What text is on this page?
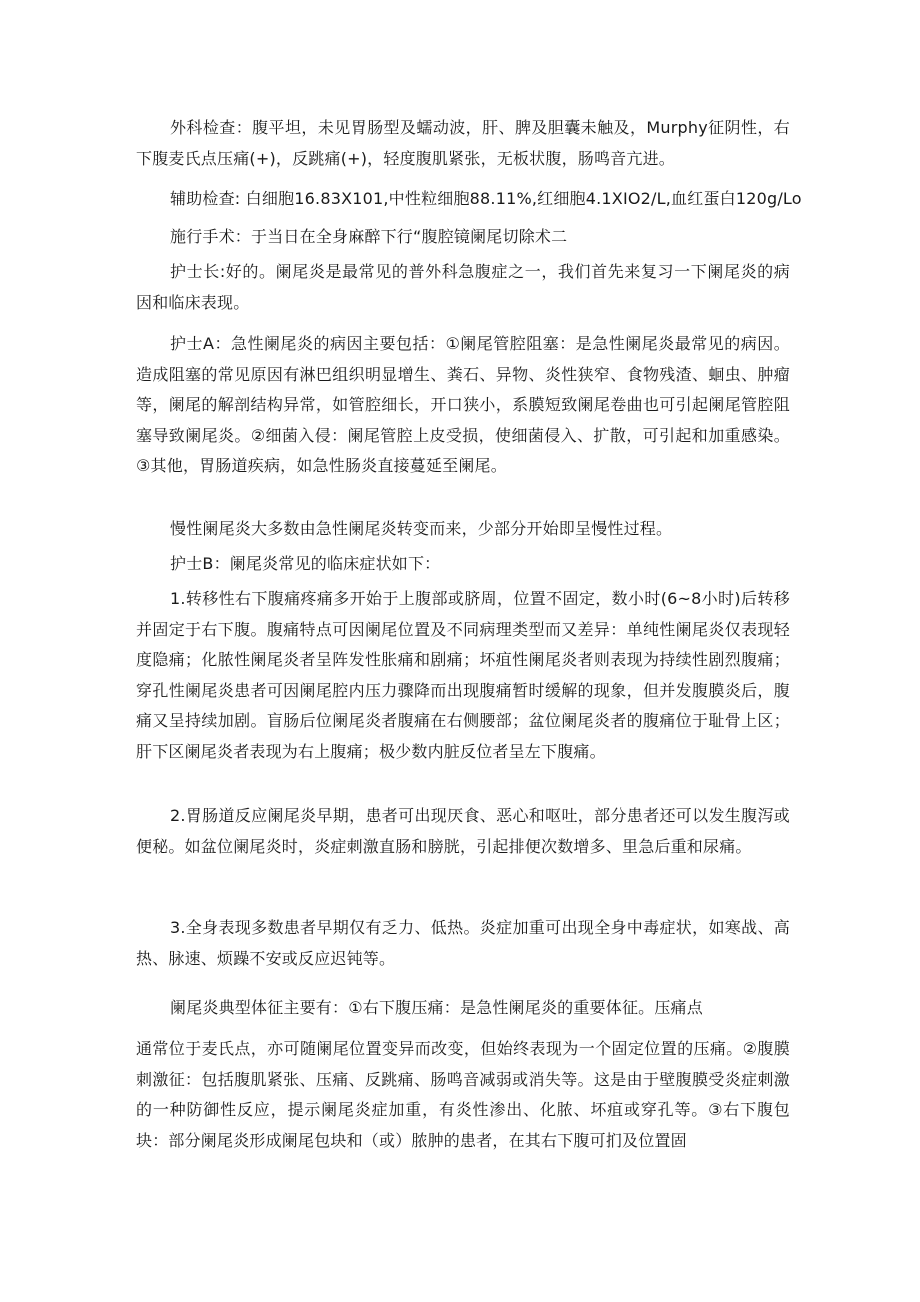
外科检查：腹平坦，未见胃肠型及蠕动波，肝、脾及胆囊未触及，Murphy征阴性，右下腹麦氏点压痛(+)，反跳痛(+)，轻度腹肌紧张，无板状腹，肠鸣音亢进。

辅助检查: 白细胞16.83X101,中性粒细胞88.11%,红细胞4.1XIO2/L,血红蛋白120g/Lo

施行手术：于当日在全身麻醉下行“腹腔镜阑尾切除术二

护士长:好的。阑尾炎是最常见的普外科急腹症之一，我们首先来复习一下阑尾炎的病因和临床表现。

护士A：急性阑尾炎的病因主要包括：①阑尾管腔阻塞：是急性阑尾炎最常见的病因。造成阻塞的常见原因有淋巴组织明显增生、粪石、异物、炎性狭窄、食物残渣、蛔虫、肿瘤等，阑尾的解剖结构异常，如管腔细长，开口狭小，系膜短致阑尾卷曲也可引起阑尾管腔阻塞导致阑尾炎。②细菌入侵：阑尾管腔上皮受损，使细菌侵入、扩散，可引起和加重感染。③其他，胃肠道疾病，如急性肠炎直接蔓延至阑尾。

慢性阑尾炎大多数由急性阑尾炎转变而来，少部分开始即呈慢性过程。

护士B：阑尾炎常见的临床症状如下：

1.转移性右下腹痛疼痛多开始于上腹部或脐周，位置不固定，数小时(6~8小时)后转移并固定于右下腹。腹痛特点可因阑尾位置及不同病理类型而又差异：单纯性阑尾炎仅表现轻度隐痛；化脓性阑尾炎者呈阵发性胀痛和剧痛；坏疽性阑尾炎者则表现为持续性剧烈腹痛；穿孔性阑尾炎患者可因阑尾腔内压力骤降而出现腹痛暂时缓解的现象，但并发腹膜炎后，腹痛又呈持续加剧。盲肠后位阑尾炎者腹痛在右侧腰部；盆位阑尾炎者的腹痛位于耻骨上区；肝下区阑尾炎者表现为右上腹痛；极少数内脏反位者呈左下腹痛。

2.胃肠道反应阑尾炎早期，患者可出现厌食、恶心和呕吐，部分患者还可以发生腹泻或便秘。如盆位阑尾炎时，炎症刺激直肠和膀胱，引起排便次数增多、里急后重和尿痛。

3.全身表现多数患者早期仅有乏力、低热。炎症加重可出现全身中毒症状，如寒战、高热、脉速、烦躁不安或反应迟钝等。

阑尾炎典型体征主要有：①右下腹压痛：是急性阑尾炎的重要体征。压痛点

通常位于麦氏点，亦可随阑尾位置变异而改变，但始终表现为一个固定位置的压痛。②腹膜刺激征：包括腹肌紧张、压痛、反跳痛、肠鸣音减弱或消失等。这是由于壁腹膜受炎症刺激的一种防御性反应，提示阑尾炎症加重，有炎性渗出、化脓、坏疽或穿孔等。③右下腹包块：部分阑尾炎形成阑尾包块和（或）脓肿的患者，在其右下腹可扪及位置固
